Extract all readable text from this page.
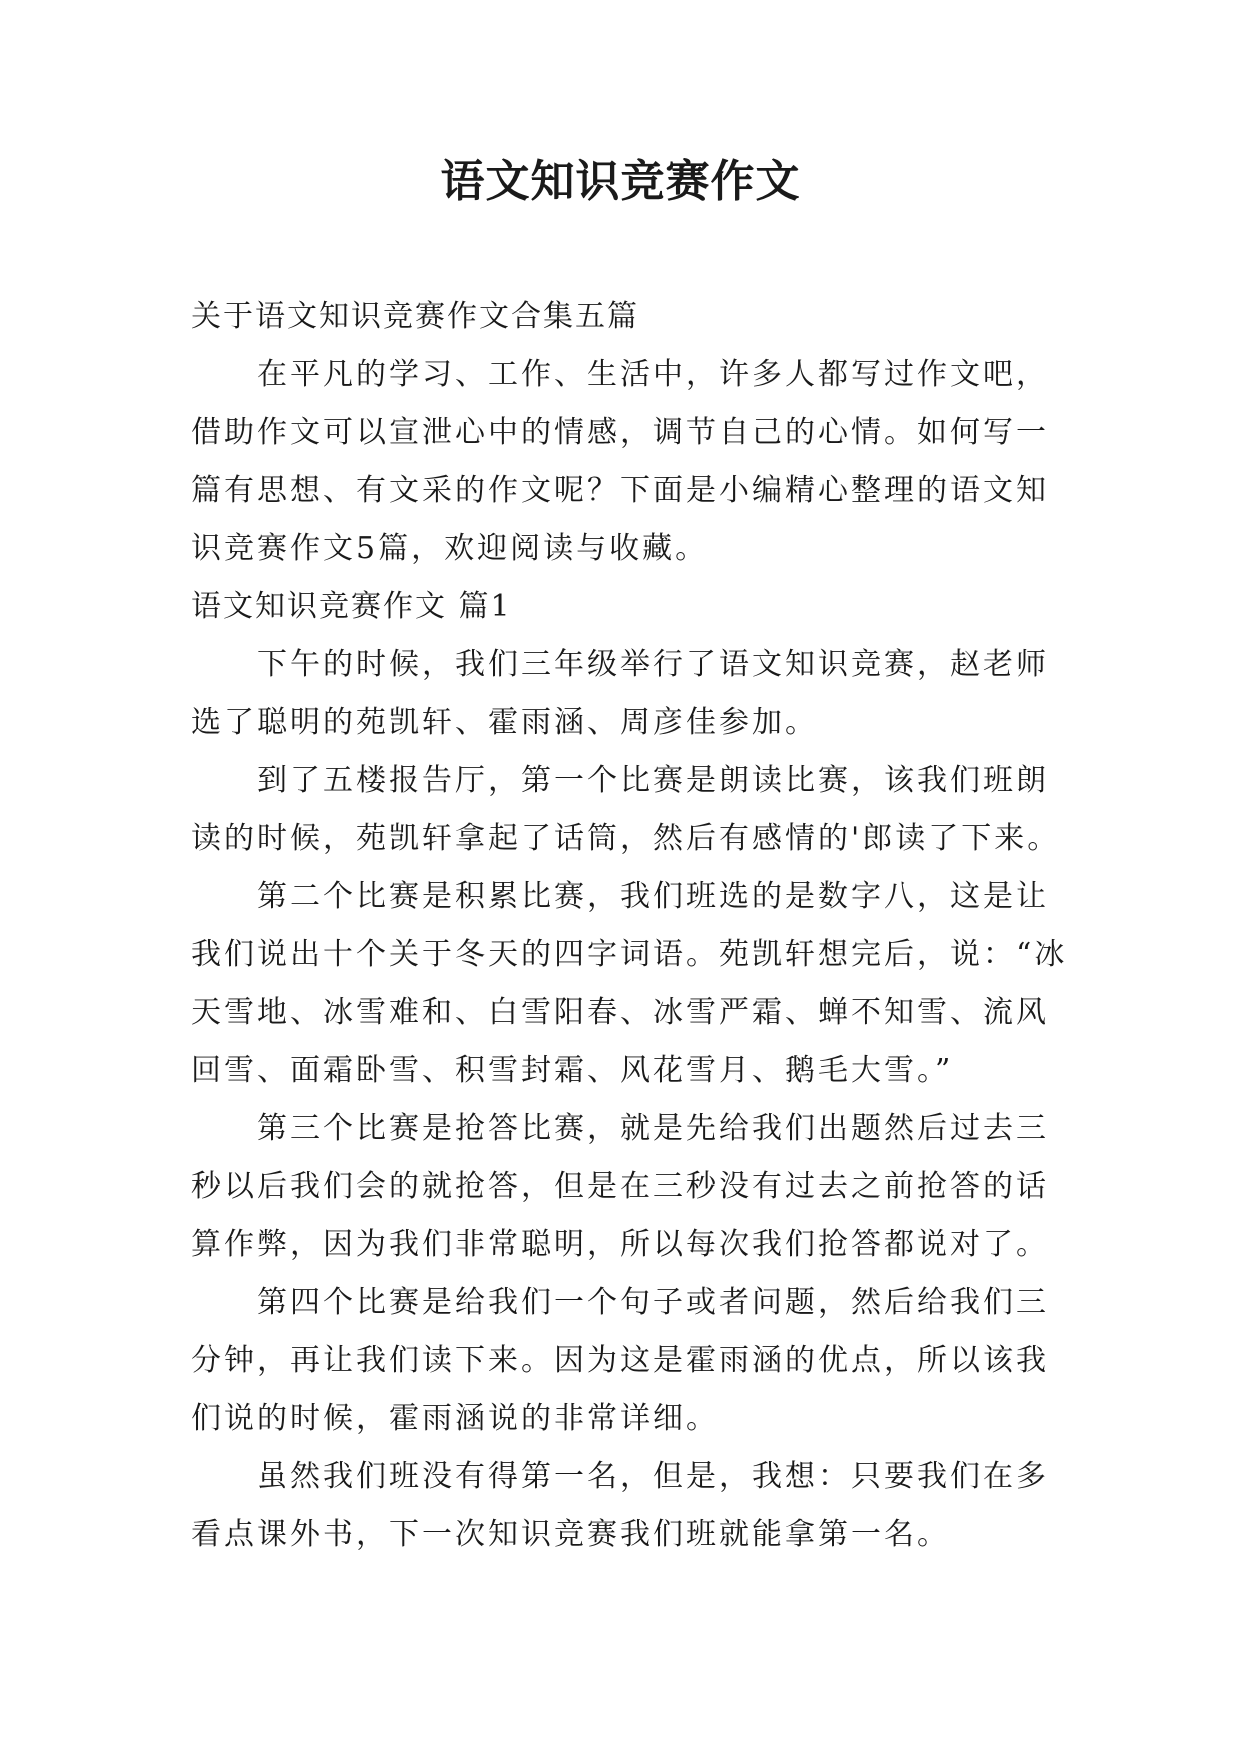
语文知识竞赛作文

关于语文知识竞赛作文合集五篇

在平凡的学习、工作、生活中，许多人都写过作文吧，借助作文可以宣泄心中的情感，调节自己的心情。如何写一篇有思想、有文采的作文呢？下面是小编精心整理的语文知识竞赛作文5篇，欢迎阅读与收藏。

语文知识竞赛作文 篇1

下午的时候，我们三年级举行了语文知识竞赛，赵老师选了聪明的苑凯轩、霍雨涵、周彦佳参加。

到了五楼报告厅，第一个比赛是朗读比赛，该我们班朗读的时候，苑凯轩拿起了话筒，然后有感情的'郎读了下来。

第二个比赛是积累比赛，我们班选的是数字八，这是让我们说出十个关于冬天的四字词语。苑凯轩想完后，说：“冰天雪地、冰雪难和、白雪阳春、冰雪严霜、蝉不知雪、流风回雪、面霜卧雪、积雪封霜、风花雪月、鹅毛大雪。”

第三个比赛是抢答比赛，就是先给我们出题然后过去三秒以后我们会的就抢答，但是在三秒没有过去之前抢答的话算作弊，因为我们非常聪明，所以每次我们抢答都说对了。

第四个比赛是给我们一个句子或者问题，然后给我们三分钟，再让我们读下来。因为这是霍雨涵的优点，所以该我们说的时候，霍雨涵说的非常详细。

虽然我们班没有得第一名，但是，我想：只要我们在多看点课外书，下一次知识竞赛我们班就能拿第一名。
